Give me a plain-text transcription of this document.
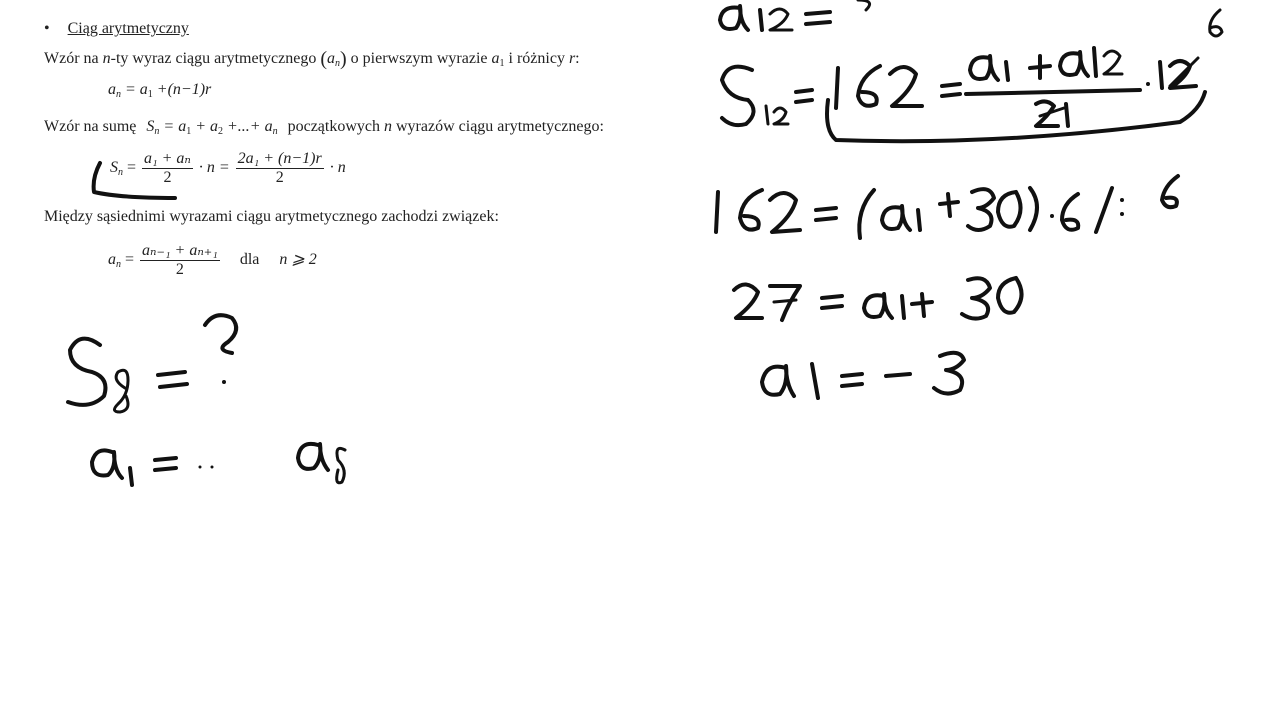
• Ciąg arytmetyczny
Wzór na n-ty wyraz ciągu arytmetycznego $(a_n)$ o pierwszym wyrazie $a_1$ i różnicy r:
$a_n = a_1 +(n-1)r$
Wzór na sumę $S_n = a_1 + a_2$ +...+ $a_n$ początkowych n wyrazów ciągu arytmetycznego:
$S_n = \frac{\text{a₁ + aₙ}}{2} \cdot n = \frac{\text{2a₁ + (n−1)r}}{2} \cdot n$
Między sąsiednimi wyrazami ciągu arytmetycznego zachodzi związek:
$a_n = \frac{\text{aₙ₋₁ + aₙ₊₁}}{2}$ dla n ⩾ 2
